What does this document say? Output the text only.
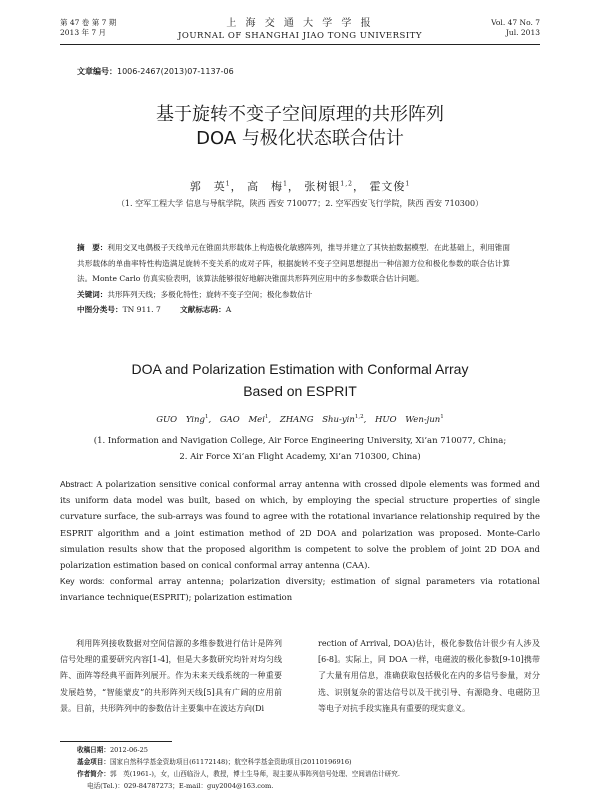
第 47 卷 第 7 期
2013 年 7 月
上 海 交 通 大 学 学 报
JOURNAL OF SHANGHAI JIAO TONG UNIVERSITY
Vol. 47 No. 7
Jul. 2013
文章编号：1006-2467(2013)07-1137-06
基于旋转不变子空间原理的共形阵列
DOA 与极化状态联合估计
郭　英$^1$， 高　梅$^1$， 张树银$^{1,2}$， 霍文俊$^1$
（1. 空军工程大学 信息与导航学院，陕西 西安 710077；2. 空军西安飞行学院，陕西 西安 710300）
摘　要：利用交叉电偶极子天线单元在锥面共形载体上构造极化敏感阵列，推导并建立了其快拍数据模型．在此基础上，利用锥面共形载体的单曲率特性构造满足旋转不变关系的成对子阵，根据旋转不变子空间思想提出一种信源方位和极化参数的联合估计算法。Monte Carlo 仿真实验表明，该算法能够很好地解决锥面共形阵列应用中的多参数联合估计问题。
关键词：共形阵列天线；多极化特性；旋转不变子空间；极化参数估计
中图分类号：TN 911. 7	文献标志码：A
DOA and Polarization Estimation with Conformal Array
Based on ESPRIT
GUO Ying$^1$, GAO Mei$^1$, ZHANG Shu-yin$^{1,2}$, HUO Wen-jun$^1$
(1. Information and Navigation College, Air Force Engineering University, Xi’an 710077, China;
2. Air Force Xi’an Flight Academy, Xi’an 710300, China)
Abstract: A polarization sensitive conical conformal array antenna with crossed dipole elements was formed and its uniform data model was built, based on which, by employing the special structure properties of single curvature surface, the sub-arrays was found to agree with the rotational invariance relationship required by the ESPRIT algorithm and a joint estimation method of 2D DOA and polarization was proposed. Monte-Carlo simulation results show that the proposed algorithm is competent to solve the problem of joint 2D DOA and polarization estimation based on conical conformal array antenna (CAA).
Key words: conformal array antenna; polarization diversity; estimation of signal parameters via rotational invariance technique(ESPRIT); polarization estimation
利用阵列接收数据对空间信源的多维参数进行估计是阵列信号处理的重要研究内容[1-4]，但是大多数研究均针对均匀线阵、面阵等经典平面阵列展开。作为未来天线系统的一种重要发展趋势，“智能蒙皮”的共形阵列天线[5]具有广阔的应用前景。目前，共形阵列中的参数估计主要集中在波达方向(Di
rection of Arrival, DOA)估计，极化参数估计很少有人涉及[6-8]。实际上，同 DOA 一样，电磁波的极化参数[9-10]携带了大量有用信息，准确获取包括极化在内的多信号参量，对分选、识别复杂的雷达信号以及干扰引导、有源隐身、电磁防卫等电子对抗手段实施具有重要的现实意义。
收稿日期：2012-06-25
基金项目：国家自然科学基金资助项目(61172148)；航空科学基金资助项目(20110196916)
作者简介：郭　英(1961-)，女，山西临汾人，教授，博士生导师，现主要从事阵列信号处理、空间谱估计研究.
电话(Tel.)：029-84787273；E-mail：guy2004@163.com.
